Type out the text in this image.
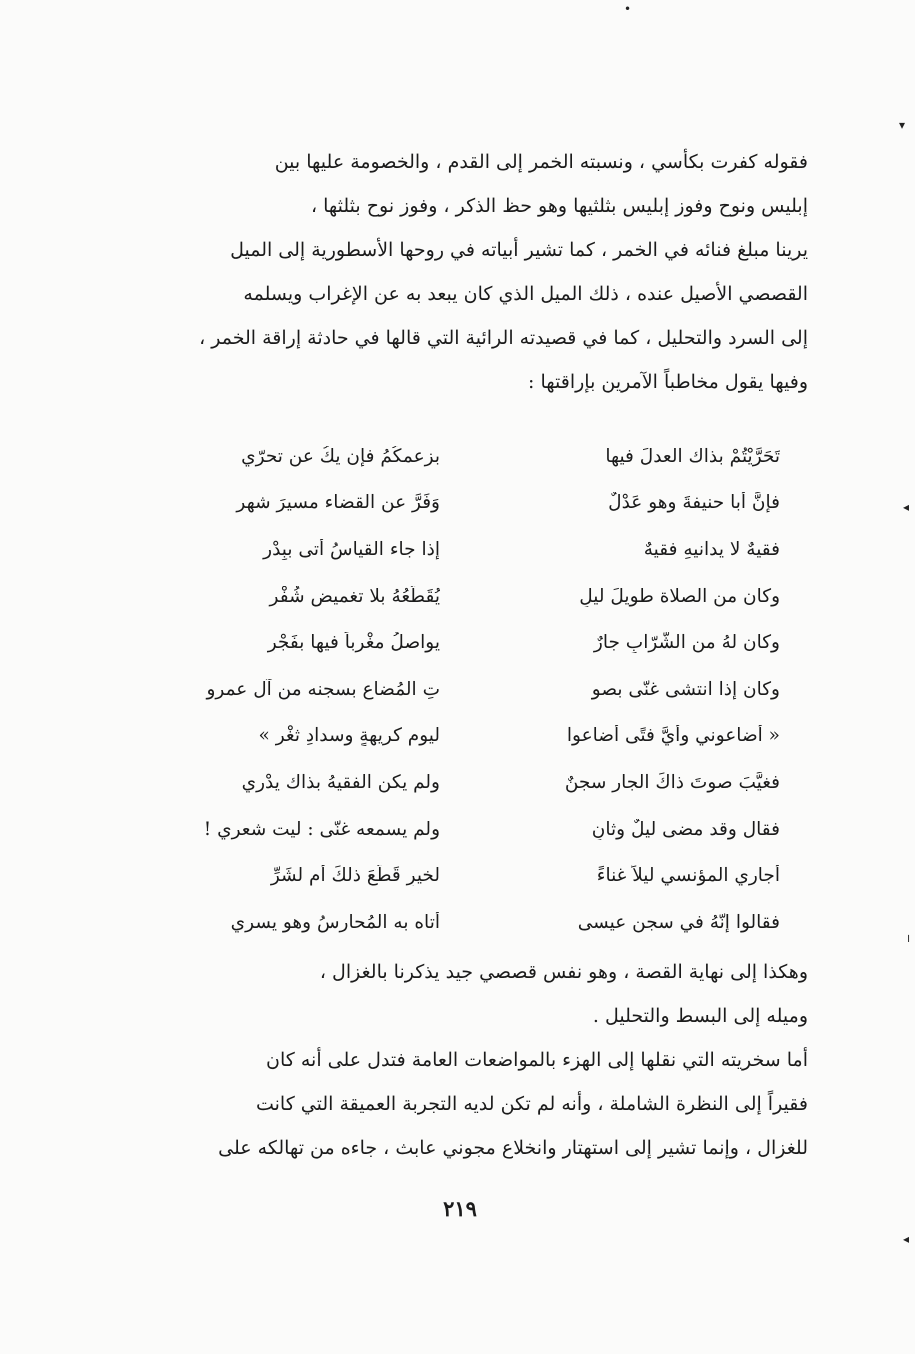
•
▾
◂
╷
◂

فقوله كفرت بكأسي ، ونسبته الخمر إلى القدم ، والخصومة عليها بين

إبليس ونوح وفوز إبليس بثلثيها وهو حظ الذكر ، وفوز نوح بثلثها ،

يرينا مبلغ فنائه في الخمر ، كما تشير أبياته في روحها الأسطورية إلى الميل

القصصي الأصيل عنده ، ذلك الميل الذي كان يبعد به عن الإغراب ويسلمه

إلى السرد والتحليل ، كما في قصيدته الرائية التي قالها في حادثة إراقة الخمر ،

وفيها يقول مخاطباً الآمرين بإراقتها :

تَحَرَّيْتُمْ بذاك العدلَ فيها
بزعمكُمُ فإن يكُ عن تحرّي
فإنَّ أبا حنيفةَ وهو عَدْلٌ
وَفَرَّ عن القضاء مسيرَ شهرِ
فقيهٌ لا يدانيهِ فقيهٌ
إذا جاء القياسُ أتى ببِدْرِ
وكان من الصلاة طويلَ ليلٍ
يُقَطّعُهُ بلا تغميضِ شُفْرِ
وكان لهُ من الشُّرّابِ جارٌ
يواصلُ مغْرباً فيها بفَجْرِ
وكان إذا انتشى غنّى بصو
تِ المُضاعِ بسجنه من آل عمرو
« أضاعوني وأيَّ فتًى أضاعوا
ليومِ كريهةٍ وسدادِ ثغْرِ »
فغيَّبَ صوتَ ذاكَ الجارِ سجنٌ
ولم يكنِ الفقيهُ بذاك يدْري
فقال وقد مضى ليلٌ وثانٍ
ولم يسمعه غنّى : ليت شعري !
أجاري المؤنسي ليلاً غناءً
لخيرٍ قَطّعَ ذلكَ أم لشَرِّ
فقالوا إنّهُ في سجنِ عيسى
أتاه به المُحارسُ وهو يسري

وهكذا إلى نهاية القصة ، وهو نفس قصصي جيد يذكرنا بالغزال ،

وميله إلى البسط والتحليل .

أما سخريته التي نقلها إلى الهزء بالمواضعات العامة فتدل على أنه كان

فقيراً إلى النظرة الشاملة ، وأنه لم تكن لديه التجربة العميقة التي كانت

للغزال ، وإنما تشير إلى استهتار وانخلاع مجوني عابث ، جاءه من تهالكه على

٢١٩
